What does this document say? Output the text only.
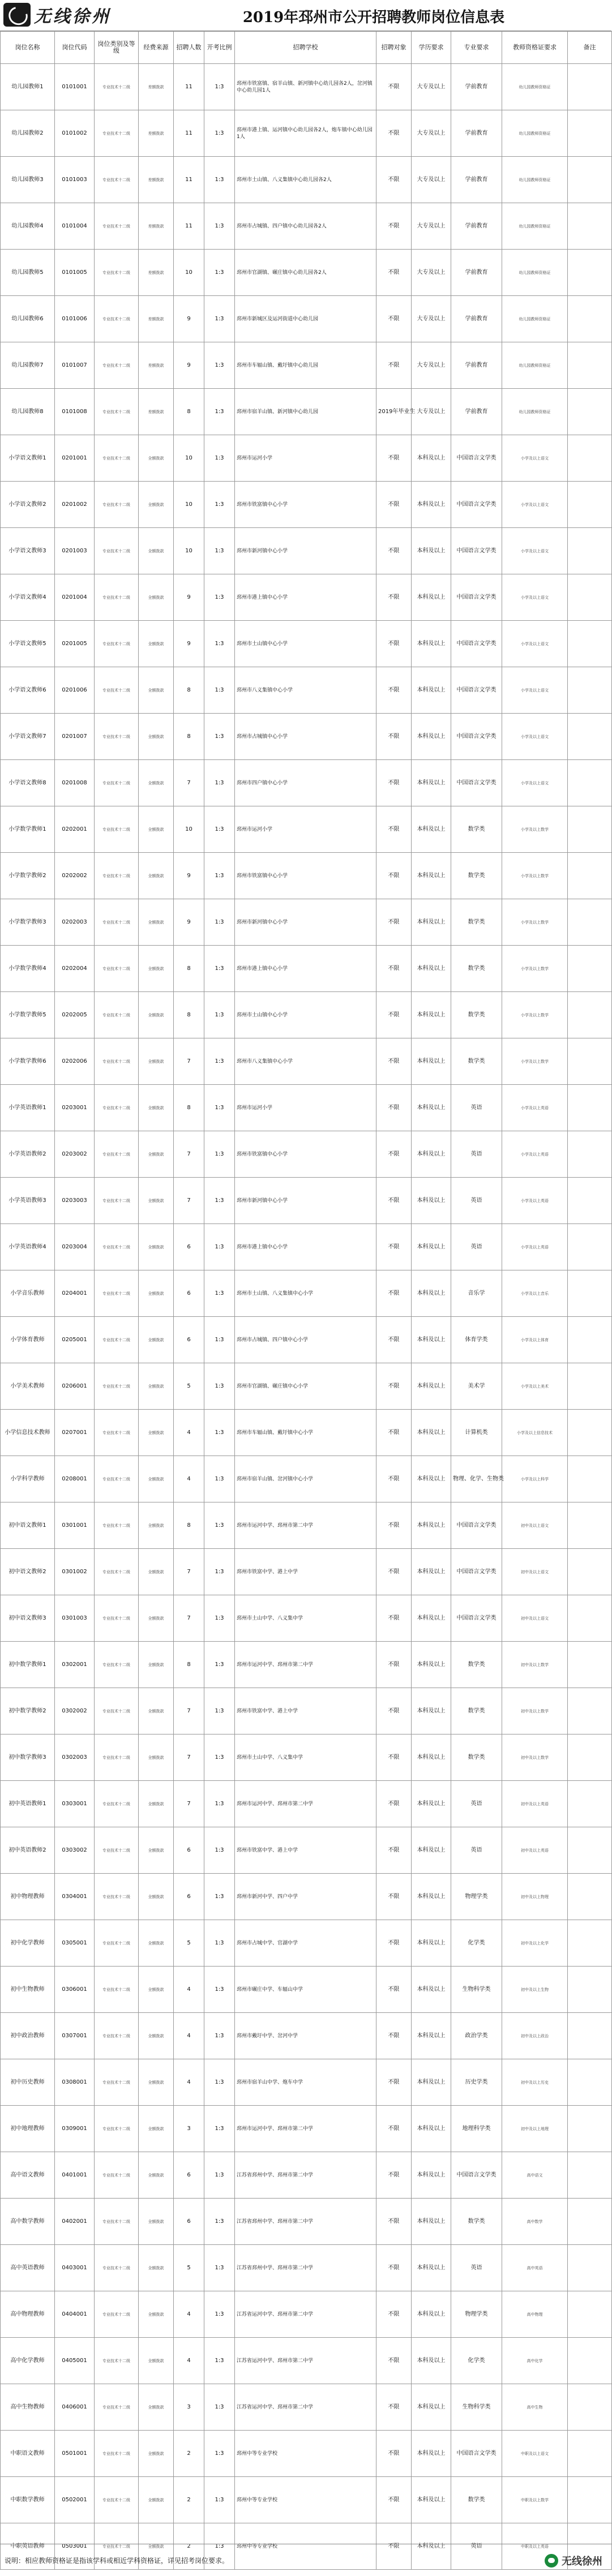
无线徐州	2019年邳州市公开招聘教师岗位信息表
岗位名称	岗位代码	岗位类别及等级	经费来源	招聘人数	开考比例	招聘学校	招聘对象	学历要求	专业要求	教师资格证要求	备注
幼儿园教师1	0101001	专业技术十二级	差额拨款	11	1:3	邳州市铁富镇、宿羊山镇、新河镇中心幼儿园各2人，岔河镇中心幼儿园1人	不限	大专及以上	学前教育	幼儿园教师资格证	
幼儿园教师2	0101002	专业技术十二级	差额拨款	11	1:3	邳州市港上镇、运河镇中心幼儿园各2人，炮车镇中心幼儿园1人	不限	大专及以上	学前教育	幼儿园教师资格证	
幼儿园教师3	0101003	专业技术十二级	差额拨款	11	1:3	邳州市土山镇、八义集镇中心幼儿园各2人	不限	大专及以上	学前教育	幼儿园教师资格证	
幼儿园教师4	0101004	专业技术十二级	差额拨款	11	1:3	邳州市占城镇、四户镇中心幼儿园各2人	不限	大专及以上	学前教育	幼儿园教师资格证	
幼儿园教师5	0101005	专业技术十二级	差额拨款	10	1:3	邳州市官湖镇、碾庄镇中心幼儿园各2人	不限	大专及以上	学前教育	幼儿园教师资格证	
幼儿园教师6	0101006	专业技术十二级	差额拨款	9	1:3	邳州市新城区及运河街道中心幼儿园	不限	大专及以上	学前教育	幼儿园教师资格证	
幼儿园教师7	0101007	专业技术十二级	差额拨款	9	1:3	邳州市车辐山镇、戴圩镇中心幼儿园	不限	大专及以上	学前教育	幼儿园教师资格证	
幼儿园教师8	0101008	专业技术十二级	差额拨款	8	1:3	邳州市宿羊山镇、新河镇中心幼儿园	2019年毕业生	大专及以上	学前教育	幼儿园教师资格证	
小学语文教师1	0201001	专业技术十二级	全额拨款	10	1:3	邳州市运河小学	不限	本科及以上	中国语言文学类	小学及以上语文	
小学语文教师2	0201002	专业技术十二级	全额拨款	10	1:3	邳州市铁富镇中心小学	不限	本科及以上	中国语言文学类	小学及以上语文	
小学语文教师3	0201003	专业技术十二级	全额拨款	10	1:3	邳州市新河镇中心小学	不限	本科及以上	中国语言文学类	小学及以上语文	
小学语文教师4	0201004	专业技术十二级	全额拨款	9	1:3	邳州市港上镇中心小学	不限	本科及以上	中国语言文学类	小学及以上语文	
小学语文教师5	0201005	专业技术十二级	全额拨款	9	1:3	邳州市土山镇中心小学	不限	本科及以上	中国语言文学类	小学及以上语文	
小学语文教师6	0201006	专业技术十二级	全额拨款	8	1:3	邳州市八义集镇中心小学	不限	本科及以上	中国语言文学类	小学及以上语文	
小学语文教师7	0201007	专业技术十二级	全额拨款	8	1:3	邳州市占城镇中心小学	不限	本科及以上	中国语言文学类	小学及以上语文	
小学语文教师8	0201008	专业技术十二级	全额拨款	7	1:3	邳州市四户镇中心小学	不限	本科及以上	中国语言文学类	小学及以上语文	
小学数学教师1	0202001	专业技术十二级	全额拨款	10	1:3	邳州市运河小学	不限	本科及以上	数学类	小学及以上数学	
小学数学教师2	0202002	专业技术十二级	全额拨款	9	1:3	邳州市铁富镇中心小学	不限	本科及以上	数学类	小学及以上数学	
小学数学教师3	0202003	专业技术十二级	全额拨款	9	1:3	邳州市新河镇中心小学	不限	本科及以上	数学类	小学及以上数学	
小学数学教师4	0202004	专业技术十二级	全额拨款	8	1:3	邳州市港上镇中心小学	不限	本科及以上	数学类	小学及以上数学	
小学数学教师5	0202005	专业技术十二级	全额拨款	8	1:3	邳州市土山镇中心小学	不限	本科及以上	数学类	小学及以上数学	
小学数学教师6	0202006	专业技术十二级	全额拨款	7	1:3	邳州市八义集镇中心小学	不限	本科及以上	数学类	小学及以上数学	
小学英语教师1	0203001	专业技术十二级	全额拨款	8	1:3	邳州市运河小学	不限	本科及以上	英语	小学及以上英语	
小学英语教师2	0203002	专业技术十二级	全额拨款	7	1:3	邳州市铁富镇中心小学	不限	本科及以上	英语	小学及以上英语	
小学英语教师3	0203003	专业技术十二级	全额拨款	7	1:3	邳州市新河镇中心小学	不限	本科及以上	英语	小学及以上英语	
小学英语教师4	0203004	专业技术十二级	全额拨款	6	1:3	邳州市港上镇中心小学	不限	本科及以上	英语	小学及以上英语	
小学音乐教师	0204001	专业技术十二级	全额拨款	6	1:3	邳州市土山镇、八义集镇中心小学	不限	本科及以上	音乐学	小学及以上音乐	
小学体育教师	0205001	专业技术十二级	全额拨款	6	1:3	邳州市占城镇、四户镇中心小学	不限	本科及以上	体育学类	小学及以上体育	
小学美术教师	0206001	专业技术十二级	全额拨款	5	1:3	邳州市官湖镇、碾庄镇中心小学	不限	本科及以上	美术学	小学及以上美术	
小学信息技术教师	0207001	专业技术十二级	全额拨款	4	1:3	邳州市车辐山镇、戴圩镇中心小学	不限	本科及以上	计算机类	小学及以上信息技术	
小学科学教师	0208001	专业技术十二级	全额拨款	4	1:3	邳州市宿羊山镇、岔河镇中心小学	不限	本科及以上	物理、化学、生物类	小学及以上科学	
初中语文教师1	0301001	专业技术十二级	全额拨款	8	1:3	邳州市运河中学、邳州市第二中学	不限	本科及以上	中国语言文学类	初中及以上语文	
初中语文教师2	0301002	专业技术十二级	全额拨款	7	1:3	邳州市铁富中学、港上中学	不限	本科及以上	中国语言文学类	初中及以上语文	
初中语文教师3	0301003	专业技术十二级	全额拨款	7	1:3	邳州市土山中学、八义集中学	不限	本科及以上	中国语言文学类	初中及以上语文	
初中数学教师1	0302001	专业技术十二级	全额拨款	8	1:3	邳州市运河中学、邳州市第二中学	不限	本科及以上	数学类	初中及以上数学	
初中数学教师2	0302002	专业技术十二级	全额拨款	7	1:3	邳州市铁富中学、港上中学	不限	本科及以上	数学类	初中及以上数学	
初中数学教师3	0302003	专业技术十二级	全额拨款	7	1:3	邳州市土山中学、八义集中学	不限	本科及以上	数学类	初中及以上数学	
初中英语教师1	0303001	专业技术十二级	全额拨款	7	1:3	邳州市运河中学、邳州市第二中学	不限	本科及以上	英语	初中及以上英语	
初中英语教师2	0303002	专业技术十二级	全额拨款	6	1:3	邳州市铁富中学、港上中学	不限	本科及以上	英语	初中及以上英语	
初中物理教师	0304001	专业技术十二级	全额拨款	6	1:3	邳州市新河中学、四户中学	不限	本科及以上	物理学类	初中及以上物理	
初中化学教师	0305001	专业技术十二级	全额拨款	5	1:3	邳州市占城中学、官湖中学	不限	本科及以上	化学类	初中及以上化学	
初中生物教师	0306001	专业技术十二级	全额拨款	4	1:3	邳州市碾庄中学、车辐山中学	不限	本科及以上	生物科学类	初中及以上生物	
初中政治教师	0307001	专业技术十二级	全额拨款	4	1:3	邳州市戴圩中学、岔河中学	不限	本科及以上	政治学类	初中及以上政治	
初中历史教师	0308001	专业技术十二级	全额拨款	4	1:3	邳州市宿羊山中学、炮车中学	不限	本科及以上	历史学类	初中及以上历史	
初中地理教师	0309001	专业技术十二级	全额拨款	3	1:3	邳州市运河中学、邳州市第二中学	不限	本科及以上	地理科学类	初中及以上地理	
高中语文教师	0401001	专业技术十二级	全额拨款	6	1:3	江苏省邳州中学、邳州市第二中学	不限	本科及以上	中国语言文学类	高中语文	
高中数学教师	0402001	专业技术十二级	全额拨款	6	1:3	江苏省邳州中学、邳州市第二中学	不限	本科及以上	数学类	高中数学	
高中英语教师	0403001	专业技术十二级	全额拨款	5	1:3	江苏省邳州中学、邳州市第二中学	不限	本科及以上	英语	高中英语	
高中物理教师	0404001	专业技术十二级	全额拨款	4	1:3	江苏省运河中学、邳州市第二中学	不限	本科及以上	物理学类	高中物理	
高中化学教师	0405001	专业技术十二级	全额拨款	4	1:3	江苏省运河中学、邳州市第二中学	不限	本科及以上	化学类	高中化学	
高中生物教师	0406001	专业技术十二级	全额拨款	3	1:3	江苏省运河中学、邳州市第二中学	不限	本科及以上	生物科学类	高中生物	
中职语文教师	0501001	专业技术十二级	全额拨款	2	1:3	邳州中等专业学校	不限	本科及以上	中国语言文学类	中职及以上语文	
中职数学教师	0502001	专业技术十二级	全额拨款	2	1:3	邳州中等专业学校	不限	本科及以上	数学类	中职及以上数学	
中职英语教师	0503001	专业技术十二级	全额拨款	2	1:3	邳州中等专业学校	不限	本科及以上	英语	中职及以上英语	
说明：相应教师资格证是指该学科或相近学科资格证，详见招考岗位要求。	无线徐州
